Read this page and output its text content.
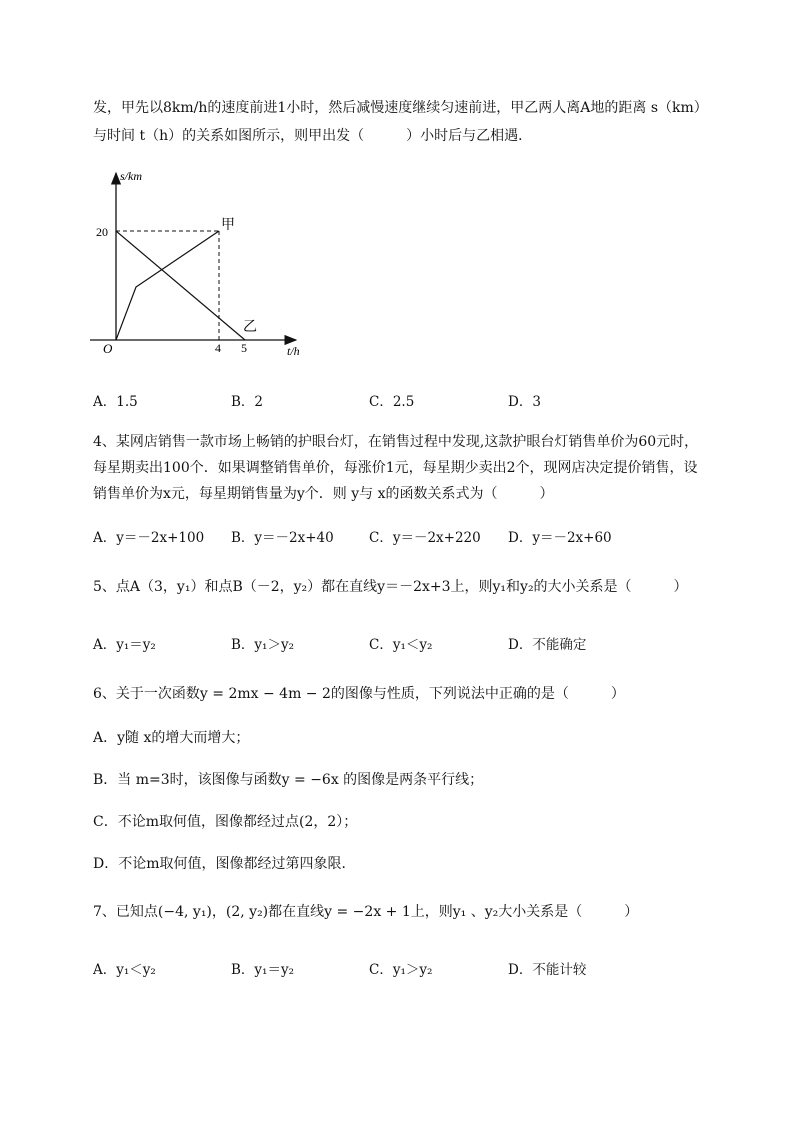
发，甲先以8km/h的速度前进1小时，然后减慢速度继续匀速前进，甲乙两人离A地的距离 s（km）
与时间 t（h）的关系如图所示，则甲出发（　　　）小时后与乙相遇．
s/km
t/h
O
20
4 5
甲
乙
A．1.5	B．2	C．2.5	D．3
4、某网店销售一款市场上畅销的护眼台灯，在销售过程中发现,这款护眼台灯销售单价为60元时，
每星期卖出100个．如果调整销售单价，每涨价1元，每星期少卖出2个，现网店决定提价销售，设
销售单价为x元，每星期销售量为y个．则 y与 x的函数关系式为（　　　）
A．y＝－2x+100 B．y＝－2x+40	C．y＝－2x+220 D．y＝－2x+60
5、点A（3，y₁）和点B（－2，y₂）都在直线y＝－2x+3上，则y₁和y₂的大小关系是（　　　）
A．y₁＝y₂	B．y₁＞y₂	C．y₁＜y₂	D．不能确定
6、关于一次函数y = 2mx − 4m − 2的图像与性质，下列说法中正确的是（　　　）
A．y随 x的增大而增大；
B．当 m=3时，该图像与函数y = −6x 的图像是两条平行线；
C．不论m取何值，图像都经过点(2，2）；
D．不论m取何值，图像都经过第四象限．
7、已知点(−4, y₁)，(2, y₂)都在直线y = −2x + 1上，则y₁ 、y₂大小关系是（　　　）
A．y₁＜y₂	B．y₁＝y₂	C．y₁＞y₂	D．不能计较
